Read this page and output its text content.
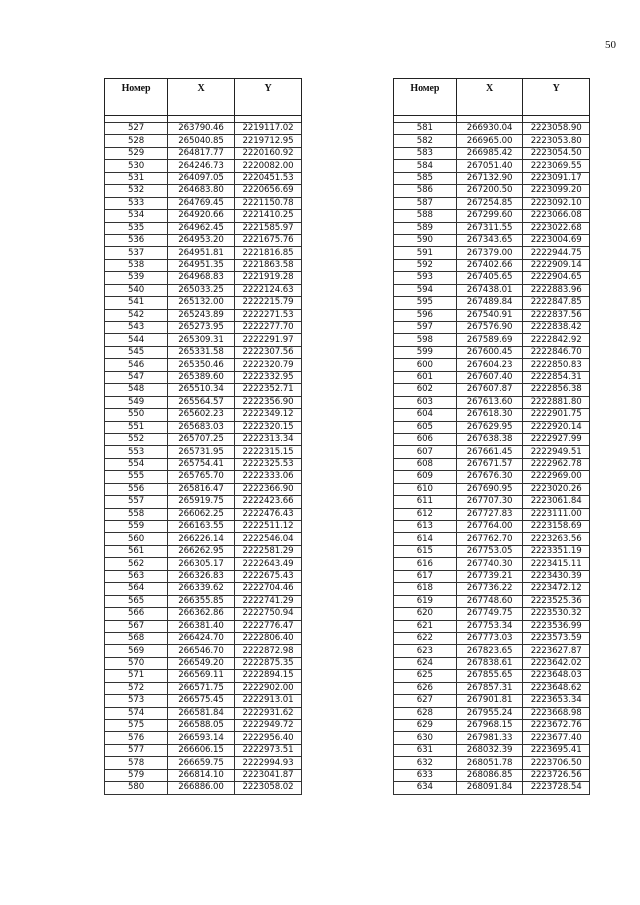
50
Номер	X	Y

527	263790.46	2219117.02
528	265040.85	2219712.95
529	264817.77	2220160.92
530	264246.73	2220082.00
531	264097.05	2220451.53
532	264683.80	2220656.69
533	264769.45	2221150.78
534	264920.66	2221410.25
535	264962.45	2221585.97
536	264953.20	2221675.76
537	264951.81	2221816.85
538	264951.35	2221863.58
539	264968.83	2221919.28
540	265033.25	2222124.63
541	265132.00	2222215.79
542	265243.89	2222271.53
543	265273.95	2222277.70
544	265309.31	2222291.97
545	265331.58	2222307.56
546	265350.46	2222320.79
547	265389.60	2222332.95
548	265510.34	2222352.71
549	265564.57	2222356.90
550	265602.23	2222349.12
551	265683.03	2222320.15
552	265707.25	2222313.34
553	265731.95	2222315.15
554	265754.41	2222325.53
555	265765.70	2222333.06
556	265816.47	2222366.90
557	265919.75	2222423.66
558	266062.25	2222476.43
559	266163.55	2222511.12
560	266226.14	2222546.04
561	266262.95	2222581.29
562	266305.17	2222643.49
563	266326.83	2222675.43
564	266339.62	2222704.46
565	266355.85	2222741.29
566	266362.86	2222750.94
567	266381.40	2222776.47
568	266424.70	2222806.40
569	266546.70	2222872.98
570	266549.20	2222875.35
571	266569.11	2222894.15
572	266571.75	2222902.00
573	266575.45	2222913.01
574	266581.84	2222931.62
575	266588.05	2222949.72
576	266593.14	2222956.40
577	266606.15	2222973.51
578	266659.75	2222994.93
579	266814.10	2223041.87
580	266886.00	2223058.02
Номер	X	Y

581	266930.04	2223058.90
582	266965.00	2223053.80
583	266985.42	2223054.50
584	267051.40	2223069.55
585	267132.90	2223091.17
586	267200.50	2223099.20
587	267254.85	2223092.10
588	267299.60	2223066.08
589	267311.55	2223022.68
590	267343.65	2223004.69
591	267379.00	2222944.75
592	267402.66	2222909.14
593	267405.65	2222904.65
594	267438.01	2222883.96
595	267489.84	2222847.85
596	267540.91	2222837.56
597	267576.90	2222838.42
598	267589.69	2222842.92
599	267600.45	2222846.70
600	267604.23	2222850.83
601	267607.40	2222854.31
602	267607.87	2222856.38
603	267613.60	2222881.80
604	267618.30	2222901.75
605	267629.95	2222920.14
606	267638.38	2222927.99
607	267661.45	2222949.51
608	267671.57	2222962.78
609	267676.30	2222969.00
610	267690.95	2223020.26
611	267707.30	2223061.84
612	267727.83	2223111.00
613	267764.00	2223158.69
614	267762.70	2223263.56
615	267753.05	2223351.19
616	267740.30	2223415.11
617	267739.21	2223430.39
618	267736.22	2223472.12
619	267748.60	2223525.36
620	267749.75	2223530.32
621	267753.34	2223536.99
622	267773.03	2223573.59
623	267823.65	2223627.87
624	267838.61	2223642.02
625	267855.65	2223648.03
626	267857.31	2223648.62
627	267901.81	2223653.34
628	267955.24	2223668.98
629	267968.15	2223672.76
630	267981.33	2223677.40
631	268032.39	2223695.41
632	268051.78	2223706.50
633	268086.85	2223726.56
634	268091.84	2223728.54
